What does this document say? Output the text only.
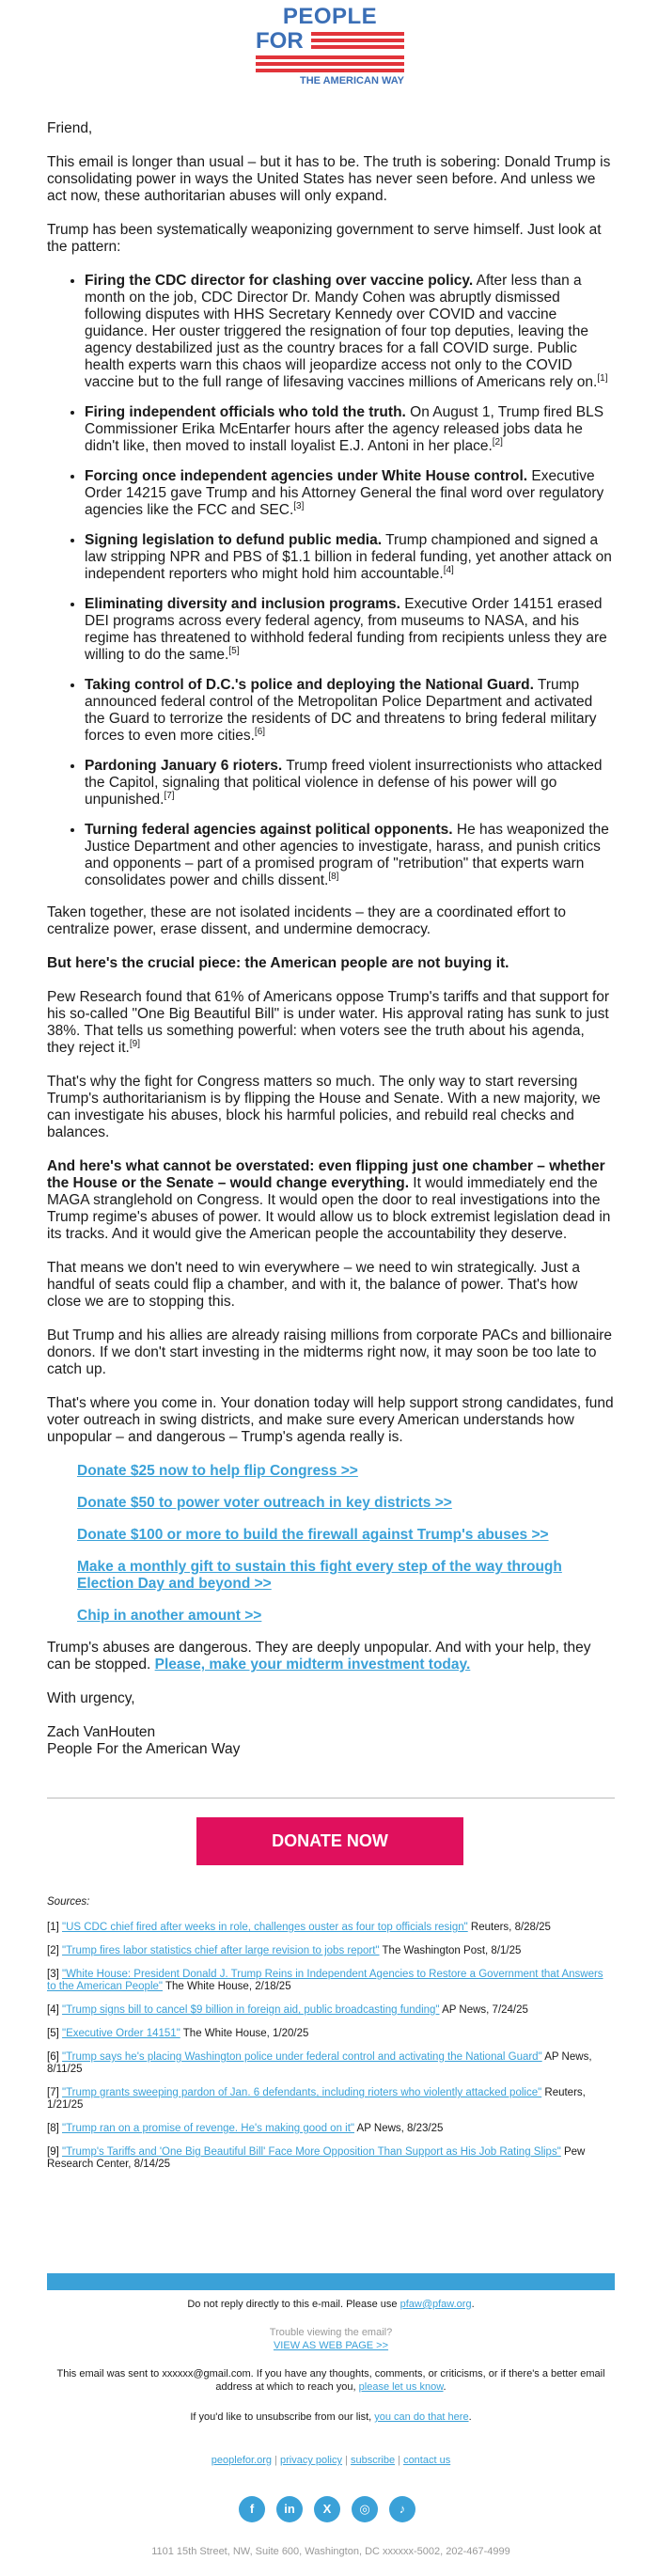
PEOPLE
FOR
THE AMERICAN WAY

Friend,

This email is longer than usual – but it has to be. The truth is sobering: Donald Trump is consolidating power in ways the United States has never seen before. And unless we act now, these authoritarian abuses will only expand.

Trump has been systematically weaponizing government to serve himself. Just look at the pattern:

• Firing the CDC director for clashing over vaccine policy. After less than a month on the job, CDC Director Dr. Mandy Cohen was abruptly dismissed following disputes with HHS Secretary Kennedy over COVID and vaccine guidance. Her ouster triggered the resignation of four top deputies, leaving the agency destabilized just as the country braces for a fall COVID surge. Public health experts warn this chaos will jeopardize access not only to the COVID vaccine but to the full range of lifesaving vaccines millions of Americans rely on.[1]
• Firing independent officials who told the truth. On August 1, Trump fired BLS Commissioner Erika McEntarfer hours after the agency released jobs data he didn't like, then moved to install loyalist E.J. Antoni in her place.[2]
• Forcing once independent agencies under White House control. Executive Order 14215 gave Trump and his Attorney General the final word over regulatory agencies like the FCC and SEC.[3]
• Signing legislation to defund public media. Trump championed and signed a law stripping NPR and PBS of $1.1 billion in federal funding, yet another attack on independent reporters who might hold him accountable.[4]
• Eliminating diversity and inclusion programs. Executive Order 14151 erased DEI programs across every federal agency, from museums to NASA, and his regime has threatened to withhold federal funding from recipients unless they are willing to do the same.[5]
• Taking control of D.C.'s police and deploying the National Guard. Trump announced federal control of the Metropolitan Police Department and activated the Guard to terrorize the residents of DC and threatens to bring federal military forces to even more cities.[6]
• Pardoning January 6 rioters. Trump freed violent insurrectionists who attacked the Capitol, signaling that political violence in defense of his power will go unpunished.[7]
• Turning federal agencies against political opponents. He has weaponized the Justice Department and other agencies to investigate, harass, and punish critics and opponents – part of a promised program of "retribution" that experts warn consolidates power and chills dissent.[8]

Taken together, these are not isolated incidents – they are a coordinated effort to centralize power, erase dissent, and undermine democracy.

But here's the crucial piece: the American people are not buying it.

Pew Research found that 61% of Americans oppose Trump's tariffs and that support for his so-called "One Big Beautiful Bill" is under water. His approval rating has sunk to just 38%. That tells us something powerful: when voters see the truth about his agenda, they reject it.[9]

That's why the fight for Congress matters so much. The only way to start reversing Trump's authoritarianism is by flipping the House and Senate. With a new majority, we can investigate his abuses, block his harmful policies, and rebuild real checks and balances.

And here's what cannot be overstated: even flipping just one chamber – whether the House or the Senate – would change everything. It would immediately end the MAGA stranglehold on Congress. It would open the door to real investigations into the Trump regime's abuses of power. It would allow us to block extremist legislation dead in its tracks. And it would give the American people the accountability they deserve.

That means we don't need to win everywhere – we need to win strategically. Just a handful of seats could flip a chamber, and with it, the balance of power. That's how close we are to stopping this.

But Trump and his allies are already raising millions from corporate PACs and billionaire donors. If we don't start investing in the midterms right now, it may soon be too late to catch up.

That's where you come in. Your donation today will help support strong candidates, fund voter outreach in swing districts, and make sure every American understands how unpopular – and dangerous – Trump's agenda really is.

Donate $25 now to help flip Congress >>
Donate $50 to power voter outreach in key districts >>
Donate $100 or more to build the firewall against Trump's abuses >>
Make a monthly gift to sustain this fight every step of the way through Election Day and beyond >>
Chip in another amount >>

Trump's abuses are dangerous. They are deeply unpopular. And with your help, they can be stopped. Please, make your midterm investment today.

With urgency,

Zach VanHouten
People For the American Way

DONATE NOW
Sources:
[1] "US CDC chief fired after weeks in role, challenges ouster as four top officials resign" Reuters, 8/28/25
[2] "Trump fires labor statistics chief after large revision to jobs report" The Washington Post, 8/1/25
[3] "White House: President Donald J. Trump Reins in Independent Agencies to Restore a Government that Answers to the American People" The White House, 2/18/25
[4] "Trump signs bill to cancel $9 billion in foreign aid, public broadcasting funding" AP News, 7/24/25
[5] "Executive Order 14151" The White House, 1/20/25
[6] "Trump says he's placing Washington police under federal control and activating the National Guard" AP News, 8/11/25
[7] "Trump grants sweeping pardon of Jan. 6 defendants, including rioters who violently attacked police" Reuters, 1/21/25
[8] "Trump ran on a promise of revenge. He's making good on it" AP News, 8/23/25
[9] "Trump's Tariffs and 'One Big Beautiful Bill' Face More Opposition Than Support as His Job Rating Slips" Pew Research Center, 8/14/25
Do not reply directly to this e-mail. Please use pfaw@pfaw.org.
Trouble viewing the email?
VIEW AS WEB PAGE >>
This email was sent to xxxxxx@gmail.com. If you have any thoughts, comments, or criticisms, or if there's a better email address at which to reach you, please let us know.
If you'd like to unsubscribe from our list, you can do that here.
peoplefor.org | privacy policy | subscribe | contact us
f	in	X	◎	♪
1101 15th Street, NW, Suite 600, Washington, DC xxxxxx-5002, 202-467-4999
